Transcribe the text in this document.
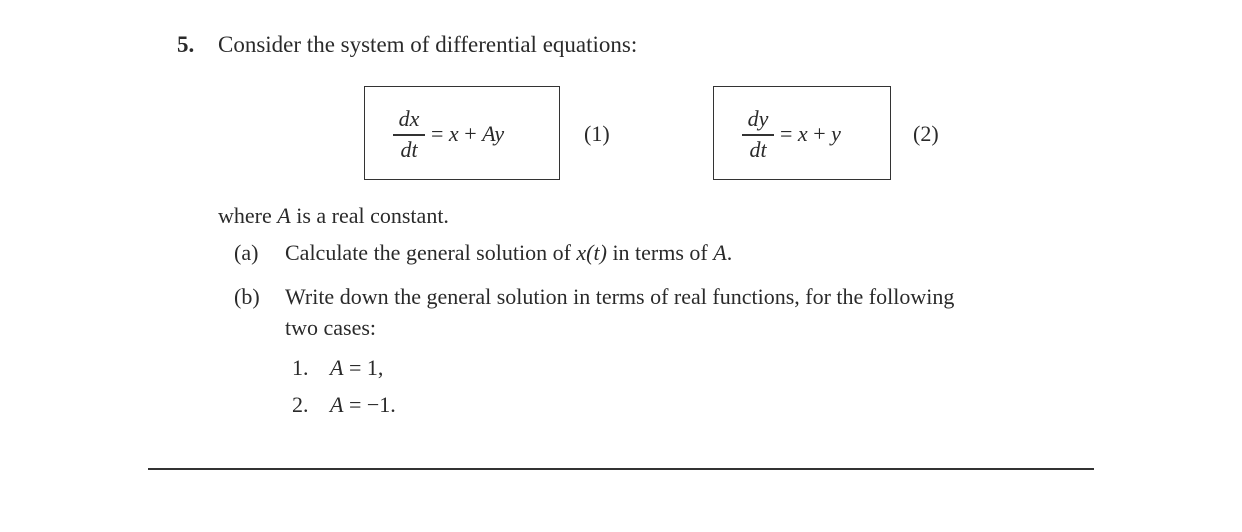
5. Consider the system of differential equations:
dx
dt
= x + Ay	(1)
dy
dt
= x + y	(2)
where A is a real constant.
(a) Calculate the general solution of x(t) in terms of A.
(b) Write down the general solution in terms of real functions, for the following
two cases:
1. A = 1,
2. A = −1.
